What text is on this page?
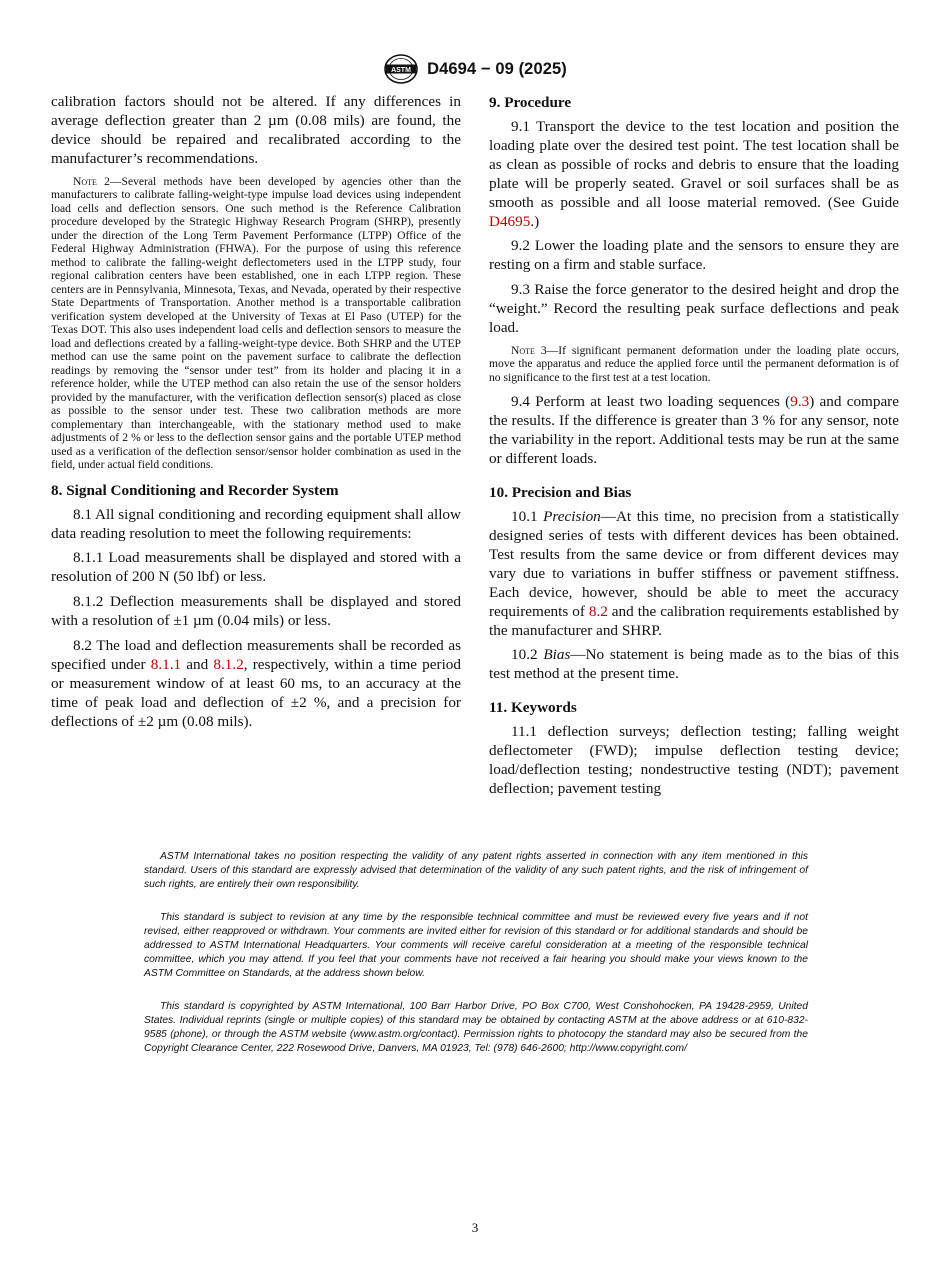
ASTM D4694 − 09 (2025)

calibration factors should not be altered. If any differences in average deflection greater than 2 µm (0.08 mils) are found, the device should be repaired and recalibrated according to the manufacturer’s recommendations.

Note 2—Several methods have been developed by agencies other than the manufacturers to calibrate falling-weight-type impulse load devices using independent load cells and deflection sensors. One such method is the Reference Calibration procedure developed by the Strategic Highway Research Program (SHRP), presently under the direction of the Long Term Pavement Performance (LTPP) Office of the Federal Highway Administration (FHWA). For the purpose of using this reference method to calibrate the falling-weight deflectometers used in the LTPP study, four regional calibration centers have been established, one in each LTPP region. These centers are in Pennsylvania, Minnesota, Texas, and Nevada, operated by their respective State Departments of Transportation. Another method is a transportable calibration verification system developed at the University of Texas at El Paso (UTEP) for the Texas DOT. This also uses independent load cells and deflection sensors to measure the load and deflections created by a falling-weight-type device. Both SHRP and the UTEP method can use the same point on the pavement surface to calibrate the deflection readings by removing the “sensor under test” from its holder and placing it in a reference holder, while the UTEP method can also retain the use of the sensor holders provided by the manufacturer, with the verification deflection sensor(s) placed as close as possible to the sensor under test. These two calibration methods are more complementary than interchangeable, with the stationary method used to make adjustments of 2 % or less to the deflection sensor gains and the portable UTEP method used as a verification of the deflection sensor/sensor holder combination as used in the field, under actual field conditions.

8. Signal Conditioning and Recorder System

8.1 All signal conditioning and recording equipment shall allow data reading resolution to meet the following requirements:

8.1.1 Load measurements shall be displayed and stored with a resolution of 200 N (50 lbf) or less.

8.1.2 Deflection measurements shall be displayed and stored with a resolution of ±1 µm (0.04 mils) or less.

8.2 The load and deflection measurements shall be recorded as specified under 8.1.1 and 8.1.2, respectively, within a time period or measurement window of at least 60 ms, to an accuracy at the time of peak load and deflection of ±2 %, and a precision for deflections of ±2 µm (0.08 mils).

9. Procedure

9.1 Transport the device to the test location and position the loading plate over the desired test point. The test location shall be as clean as possible of rocks and debris to ensure that the loading plate will be properly seated. Gravel or soil surfaces shall be as smooth as possible and all loose material removed. (See Guide D4695.)

9.2 Lower the loading plate and the sensors to ensure they are resting on a firm and stable surface.

9.3 Raise the force generator to the desired height and drop the “weight.” Record the resulting peak surface deflections and peak load.

Note 3—If significant permanent deformation under the loading plate occurs, move the apparatus and reduce the applied force until the permanent deformation is of no significance to the first test at a test location.

9.4 Perform at least two loading sequences (9.3) and compare the results. If the difference is greater than 3 % for any sensor, note the variability in the report. Additional tests may be run at the same or different loads.

10. Precision and Bias

10.1 Precision—At this time, no precision from a statistically designed series of tests with different devices has been obtained. Test results from the same device or from different devices may vary due to variations in buffer stiffness or pavement stiffness. Each device, however, should be able to meet the accuracy requirements of 8.2 and the calibration requirements established by the manufacturer and SHRP.

10.2 Bias—No statement is being made as to the bias of this test method at the present time.

11. Keywords

11.1 deflection surveys; deflection testing; falling weight deflectometer (FWD); impulse deflection testing device; load/deflection testing; nondestructive testing (NDT); pavement deflection; pavement testing

ASTM International takes no position respecting the validity of any patent rights asserted in connection with any item mentioned in this standard. Users of this standard are expressly advised that determination of the validity of any such patent rights, and the risk of infringement of such rights, are entirely their own responsibility.

This standard is subject to revision at any time by the responsible technical committee and must be reviewed every five years and if not revised, either reapproved or withdrawn. Your comments are invited either for revision of this standard or for additional standards and should be addressed to ASTM International Headquarters. Your comments will receive careful consideration at a meeting of the responsible technical committee, which you may attend. If you feel that your comments have not received a fair hearing you should make your views known to the ASTM Committee on Standards, at the address shown below.

This standard is copyrighted by ASTM International, 100 Barr Harbor Drive, PO Box C700, West Conshohocken, PA 19428-2959, United States. Individual reprints (single or multiple copies) of this standard may be obtained by contacting ASTM at the above address or at 610-832-9585 (phone), or through the ASTM website (www.astm.org/contact). Permission rights to photocopy the standard may also be secured from the Copyright Clearance Center, 222 Rosewood Drive, Danvers, MA 01923, Tel: (978) 646-2600; http://www.copyright.com/

3
